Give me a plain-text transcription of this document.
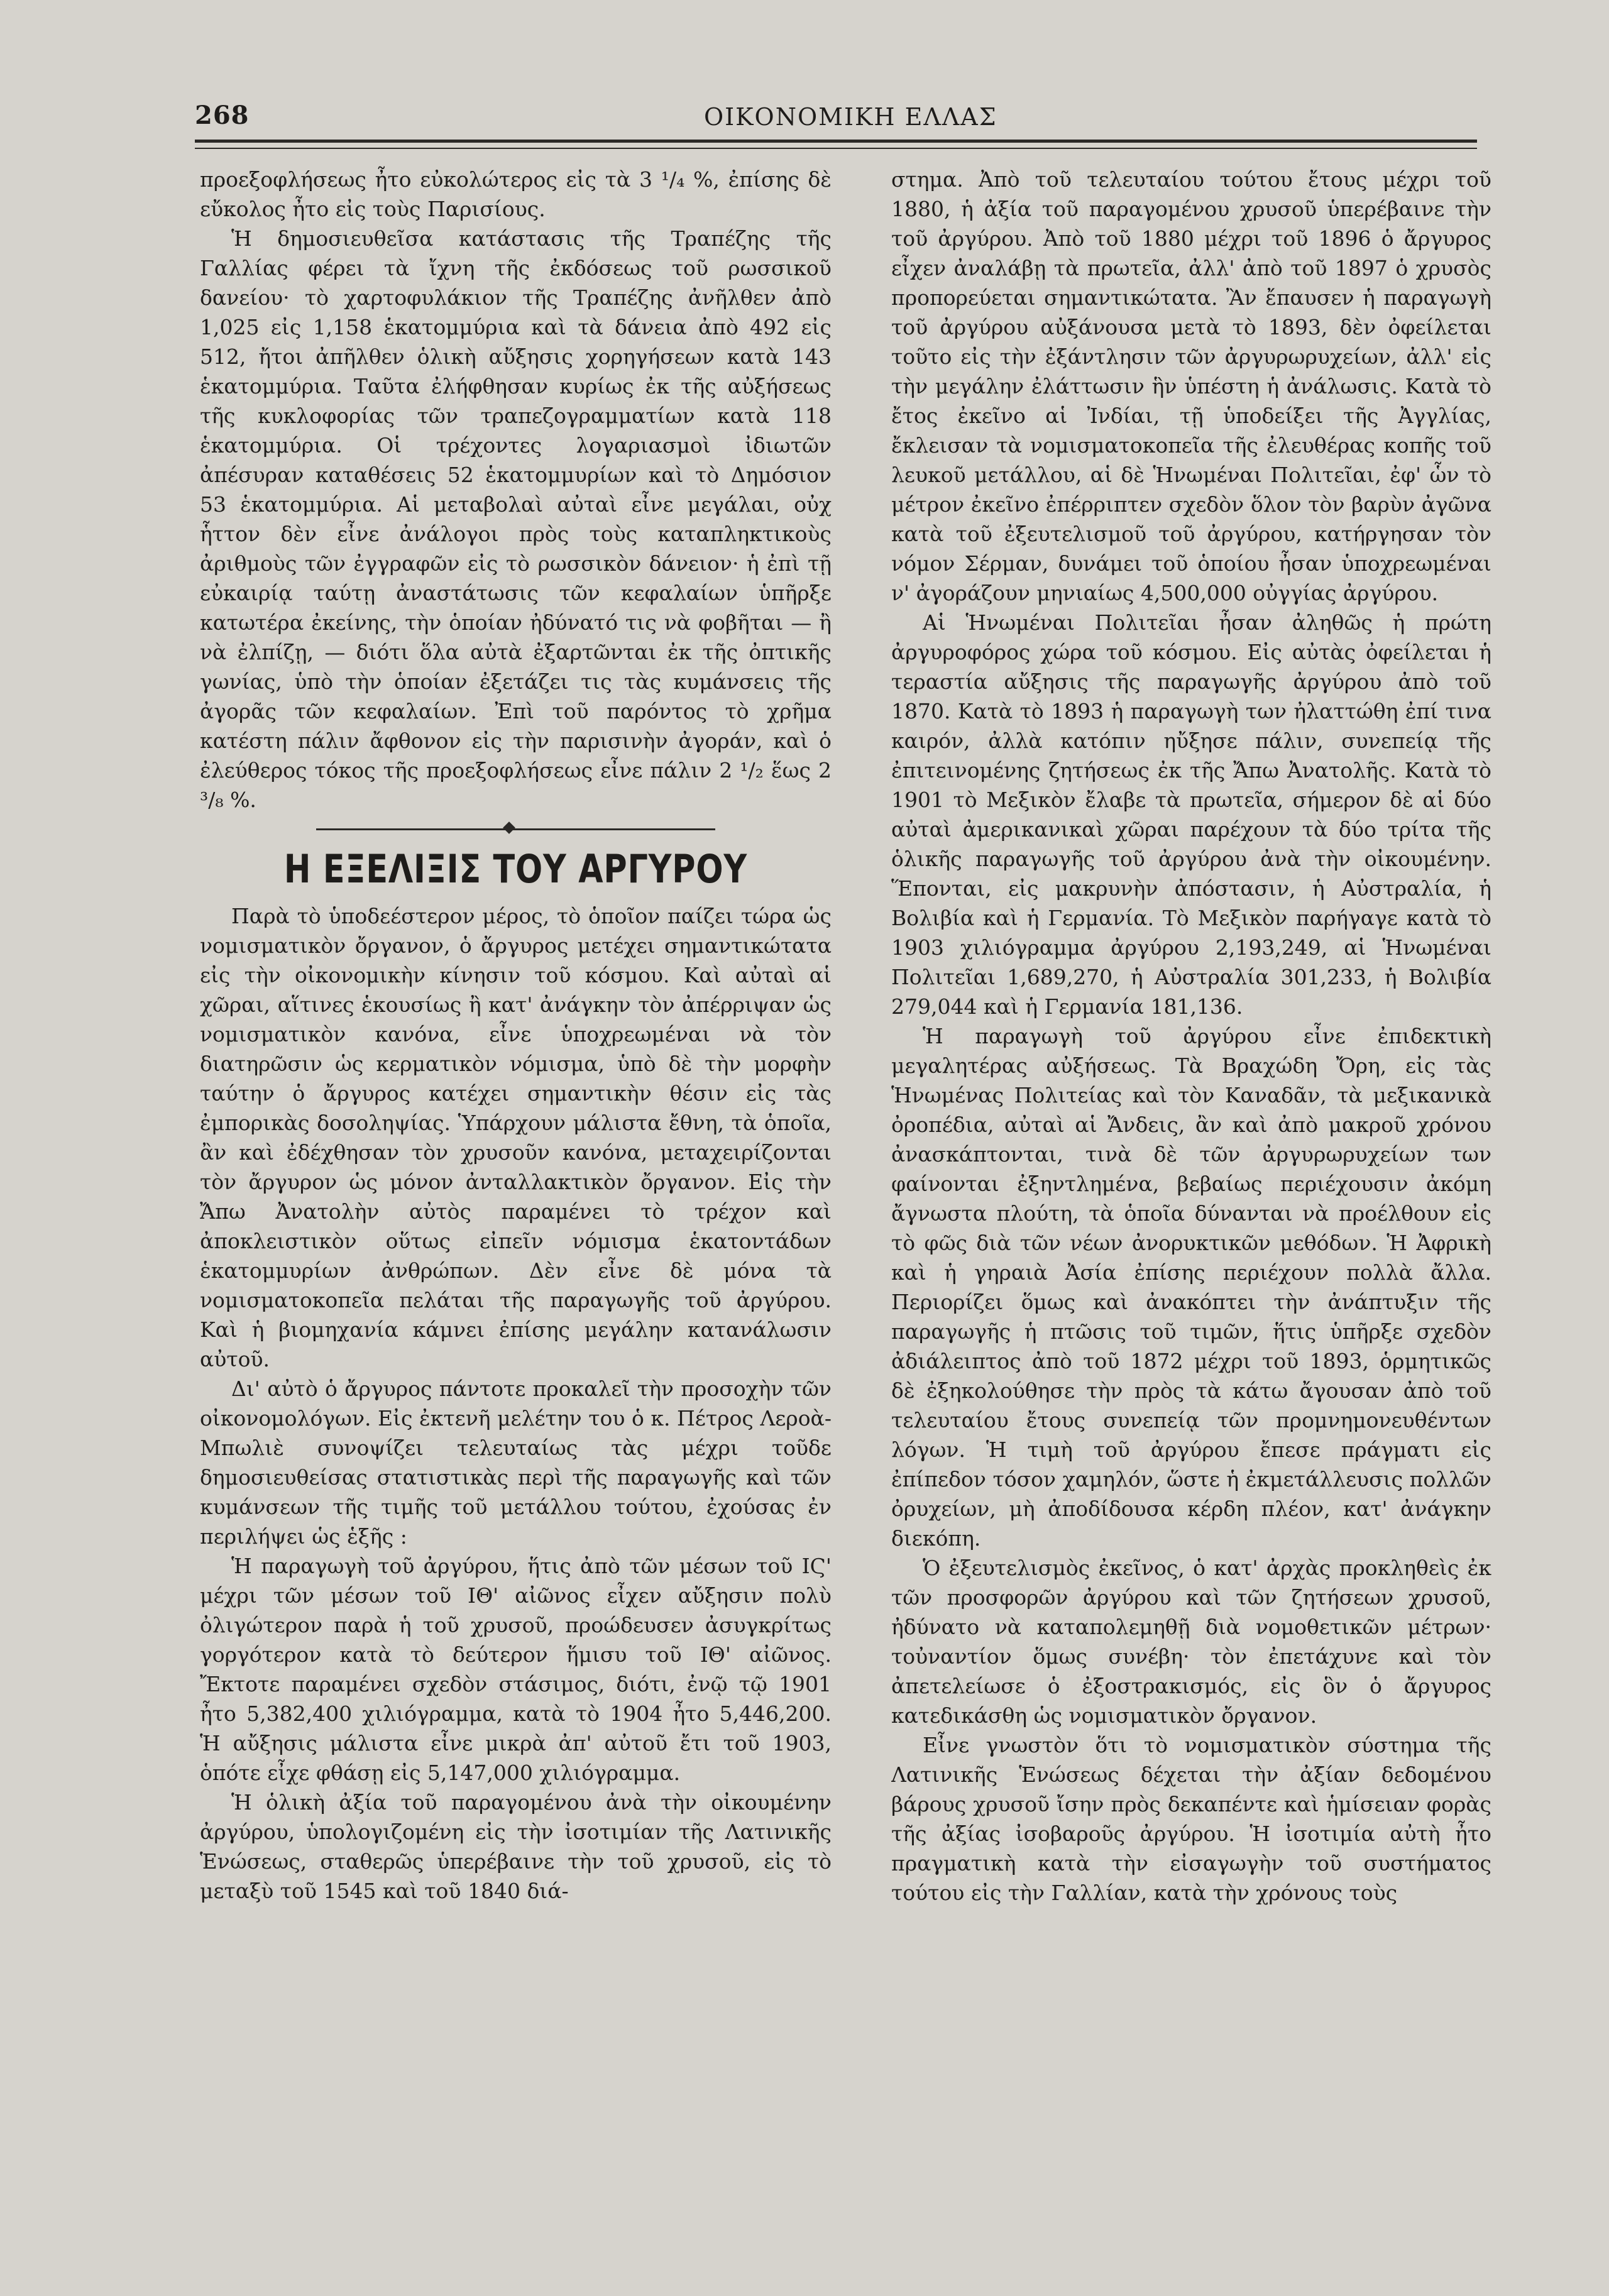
268	ΟΙΚΟΝΟΜΙΚΗ ΕΛΛΑΣ

προεξοφλήσεως ἦτο εὐκολώτερος εἰς τὰ 3 ¹/₄ %, ἐπίσης δὲ εὔκολος ἦτο εἰς τοὺς Παρισίους.

Ἡ δημοσιευθεῖσα κατάστασις τῆς Τραπέζης τῆς Γαλλίας φέρει τὰ ἴχνη τῆς ἐκδόσεως τοῦ ρωσσικοῦ δανείου· τὸ χαρτοφυλάκιον τῆς Τραπέζης ἀνῆλθεν ἀπὸ 1,025 εἰς 1,158 ἑκατομμύρια καὶ τὰ δάνεια ἀπὸ 492 εἰς 512, ἤτοι ἀπῆλθεν ὁλικὴ αὔξησις χορηγήσεων κατὰ 143 ἑκατομμύρια. Ταῦτα ἐλήφθησαν κυρίως ἐκ τῆς αὐξήσεως τῆς κυκλοφορίας τῶν τραπεζογραμματίων κατὰ 118 ἑκατομμύρια. Οἱ τρέχοντες λογαριασμοὶ ἰδιωτῶν ἀπέσυραν καταθέσεις 52 ἑκατομμυρίων καὶ τὸ Δημόσιον 53 ἑκατομμύρια. Αἱ μεταβολαὶ αὐταὶ εἶνε μεγάλαι, οὐχ ἧττον δὲν εἶνε ἀνάλογοι πρὸς τοὺς καταπληκτικοὺς ἀριθμοὺς τῶν ἐγγραφῶν εἰς τὸ ρωσσικὸν δάνειον· ἡ ἐπὶ τῇ εὐκαιρίᾳ ταύτῃ ἀναστάτωσις τῶν κεφαλαίων ὑπῆρξε κατωτέρα ἐκείνης, τὴν ὁποίαν ἠδύνατό τις νὰ φοβῆται — ἢ νὰ ἐλπίζῃ, — διότι ὅλα αὐτὰ ἐξαρτῶνται ἐκ τῆς ὀπτικῆς γωνίας, ὑπὸ τὴν ὁποίαν ἐξετάζει τις τὰς κυμάνσεις τῆς ἀγορᾶς τῶν κεφαλαίων. Ἐπὶ τοῦ παρόντος τὸ χρῆμα κατέστη πάλιν ἄφθονον εἰς τὴν παρισινὴν ἀγοράν, καὶ ὁ ἐλεύθερος τόκος τῆς προεξοφλήσεως εἶνε πάλιν 2 ¹/₂ ἕως 2 ³/₈ %.

Η ΕΞΕΛΙΞΙΣ ΤΟΥ ΑΡΓΥΡΟΥ

Παρὰ τὸ ὑποδεέστερον μέρος, τὸ ὁποῖον παίζει τώρα ὡς νομισματικὸν ὄργανον, ὁ ἄργυρος μετέχει σημαντικώτατα εἰς τὴν οἰκονομικὴν κίνησιν τοῦ κόσμου. Καὶ αὐταὶ αἱ χῶραι, αἵτινες ἑκουσίως ἢ κατ' ἀνάγκην τὸν ἀπέρριψαν ὡς νομισματικὸν κανόνα, εἶνε ὑποχρεωμέναι νὰ τὸν διατηρῶσιν ὡς κερματικὸν νόμισμα, ὑπὸ δὲ τὴν μορφὴν ταύτην ὁ ἄργυρος κατέχει σημαντικὴν θέσιν εἰς τὰς ἐμπορικὰς δοσοληψίας. Ὑπάρχουν μάλιστα ἔθνη, τὰ ὁποῖα, ἂν καὶ ἐδέχθησαν τὸν χρυσοῦν κανόνα, μεταχειρίζονται τὸν ἄργυρον ὡς μόνον ἀνταλλακτικὸν ὄργανον. Εἰς τὴν Ἄπω Ἀνατολὴν αὐτὸς παραμένει τὸ τρέχον καὶ ἀποκλειστικὸν οὕτως εἰπεῖν νόμισμα ἑκατοντάδων ἑκατομμυρίων ἀνθρώπων. Δὲν εἶνε δὲ μόνα τὰ νομισματοκοπεῖα πελάται τῆς παραγωγῆς τοῦ ἀργύρου. Καὶ ἡ βιομηχανία κάμνει ἐπίσης μεγάλην κατανάλωσιν αὐτοῦ.

Δι' αὐτὸ ὁ ἄργυρος πάντοτε προκαλεῖ τὴν προσοχὴν τῶν οἰκονομολόγων. Εἰς ἐκτενῆ μελέτην του ὁ κ. Πέτρος Λεροὰ-Μπωλιὲ συνοψίζει τελευταίως τὰς μέχρι τοῦδε δημοσιευθείσας στατιστικὰς περὶ τῆς παραγωγῆς καὶ τῶν κυμάνσεων τῆς τιμῆς τοῦ μετάλλου τούτου, ἐχούσας ἐν περιλήψει ὡς ἑξῆς :

Ἡ παραγωγὴ τοῦ ἀργύρου, ἥτις ἀπὸ τῶν μέσων τοῦ ΙϚ' μέχρι τῶν μέσων τοῦ ΙΘ' αἰῶνος εἶχεν αὔξησιν πολὺ ὀλιγώτερον παρὰ ἡ τοῦ χρυσοῦ, προώδευσεν ἀσυγκρίτως γοργότερον κατὰ τὸ δεύτερον ἥμισυ τοῦ ΙΘ' αἰῶνος. Ἔκτοτε παραμένει σχεδὸν στάσιμος, διότι, ἐνῷ τῷ 1901 ἦτο 5,382,400 χιλιόγραμμα, κατὰ τὸ 1904 ἦτο 5,446,200. Ἡ αὔξησις μάλιστα εἶνε μικρὰ ἀπ' αὐτοῦ ἔτι τοῦ 1903, ὁπότε εἶχε φθάσῃ εἰς 5,147,000 χιλιόγραμμα.

Ἡ ὁλικὴ ἀξία τοῦ παραγομένου ἀνὰ τὴν οἰκουμένην ἀργύρου, ὑπολογιζομένη εἰς τὴν ἰσοτιμίαν τῆς Λατινικῆς Ἑνώσεως, σταθερῶς ὑπερέβαινε τὴν τοῦ χρυσοῦ, εἰς τὸ μεταξὺ τοῦ 1545 καὶ τοῦ 1840 διά-

στημα. Ἀπὸ τοῦ τελευταίου τούτου ἔτους μέχρι τοῦ 1880, ἡ ἀξία τοῦ παραγομένου χρυσοῦ ὑπερέβαινε τὴν τοῦ ἀργύρου. Ἀπὸ τοῦ 1880 μέχρι τοῦ 1896 ὁ ἄργυρος εἶχεν ἀναλάβῃ τὰ πρωτεῖα, ἀλλ' ἀπὸ τοῦ 1897 ὁ χρυσὸς προπορεύεται σημαντικώτατα. Ἂν ἔπαυσεν ἡ παραγωγὴ τοῦ ἀργύρου αὐξάνουσα μετὰ τὸ 1893, δὲν ὀφείλεται τοῦτο εἰς τὴν ἐξάντλησιν τῶν ἀργυρωρυχείων, ἀλλ' εἰς τὴν μεγάλην ἐλάττωσιν ἣν ὑπέστη ἡ ἀνάλωσις. Κατὰ τὸ ἔτος ἐκεῖνο αἱ Ἰνδίαι, τῇ ὑποδείξει τῆς Ἀγγλίας, ἔκλεισαν τὰ νομισματοκοπεῖα τῆς ἐλευθέρας κοπῆς τοῦ λευκοῦ μετάλλου, αἱ δὲ Ἡνωμέναι Πολιτεῖαι, ἐφ' ὧν τὸ μέτρον ἐκεῖνο ἐπέρριπτεν σχεδὸν ὅλον τὸν βαρὺν ἀγῶνα κατὰ τοῦ ἐξευτελισμοῦ τοῦ ἀργύρου, κατήργησαν τὸν νόμον Σέρμαν, δυνάμει τοῦ ὁποίου ἦσαν ὑποχρεωμέναι ν' ἀγοράζουν μηνιαίως 4,500,000 οὐγγίας ἀργύρου.

Αἱ Ἡνωμέναι Πολιτεῖαι ἦσαν ἀληθῶς ἡ πρώτη ἀργυροφόρος χώρα τοῦ κόσμου. Εἰς αὐτὰς ὀφείλεται ἡ τεραστία αὔξησις τῆς παραγωγῆς ἀργύρου ἀπὸ τοῦ 1870. Κατὰ τὸ 1893 ἡ παραγωγὴ των ἠλαττώθη ἐπί τινα καιρόν, ἀλλὰ κατόπιν ηὔξησε πάλιν, συνεπείᾳ τῆς ἐπιτεινομένης ζητήσεως ἐκ τῆς Ἄπω Ἀνατολῆς. Κατὰ τὸ 1901 τὸ Μεξικὸν ἔλαβε τὰ πρωτεῖα, σήμερον δὲ αἱ δύο αὐταὶ ἀμερικανικαὶ χῶραι παρέχουν τὰ δύο τρίτα τῆς ὁλικῆς παραγωγῆς τοῦ ἀργύρου ἀνὰ τὴν οἰκουμένην. Ἕπονται, εἰς μακρυνὴν ἀπόστασιν, ἡ Αὐστραλία, ἡ Βολιβία καὶ ἡ Γερμανία. Τὸ Μεξικὸν παρήγαγε κατὰ τὸ 1903 χιλιόγραμμα ἀργύρου 2,193,249, αἱ Ἡνωμέναι Πολιτεῖαι 1,689,270, ἡ Αὐστραλία 301,233, ἡ Βολιβία 279,044 καὶ ἡ Γερμανία 181,136.

Ἡ παραγωγὴ τοῦ ἀργύρου εἶνε ἐπιδεκτικὴ μεγαλητέρας αὐξήσεως. Τὰ Βραχώδη Ὄρη, εἰς τὰς Ἡνωμένας Πολιτείας καὶ τὸν Καναδᾶν, τὰ μεξικανικὰ ὀροπέδια, αὐταὶ αἱ Ἄνδεις, ἂν καὶ ἀπὸ μακροῦ χρόνου ἀνασκάπτονται, τινὰ δὲ τῶν ἀργυρωρυχείων των φαίνονται ἐξηντλημένα, βεβαίως περιέχουσιν ἀκόμη ἄγνωστα πλούτη, τὰ ὁποῖα δύνανται νὰ προέλθουν εἰς τὸ φῶς διὰ τῶν νέων ἀνορυκτικῶν μεθόδων. Ἡ Ἀφρικὴ καὶ ἡ γηραιὰ Ἀσία ἐπίσης περιέχουν πολλὰ ἄλλα. Περιορίζει ὅμως καὶ ἀνακόπτει τὴν ἀνάπτυξιν τῆς παραγωγῆς ἡ πτῶσις τοῦ τιμῶν, ἥτις ὑπῆρξε σχεδὸν ἀδιάλειπτος ἀπὸ τοῦ 1872 μέχρι τοῦ 1893, ὁρμητικῶς δὲ ἐξηκολούθησε τὴν πρὸς τὰ κάτω ἄγουσαν ἀπὸ τοῦ τελευταίου ἔτους συνεπείᾳ τῶν προμνημονευθέντων λόγων. Ἡ τιμὴ τοῦ ἀργύρου ἔπεσε πράγματι εἰς ἐπίπεδον τόσον χαμηλόν, ὥστε ἡ ἐκμετάλλευσις πολλῶν ὀρυχείων, μὴ ἀποδίδουσα κέρδη πλέον, κατ' ἀνάγκην διεκόπη.

Ὁ ἐξευτελισμὸς ἐκεῖνος, ὁ κατ' ἀρχὰς προκληθεὶς ἐκ τῶν προσφορῶν ἀργύρου καὶ τῶν ζητήσεων χρυσοῦ, ἠδύνατο νὰ καταπολεμηθῇ διὰ νομοθετικῶν μέτρων· τοὐναντίον ὅμως συνέβη· τὸν ἐπετάχυνε καὶ τὸν ἀπετελείωσε ὁ ἐξοστρακισμός, εἰς ὃν ὁ ἄργυρος κατεδικάσθη ὡς νομισματικὸν ὄργανον.

Εἶνε γνωστὸν ὅτι τὸ νομισματικὸν σύστημα τῆς Λατινικῆς Ἑνώσεως δέχεται τὴν ἀξίαν δεδομένου βάρους χρυσοῦ ἴσην πρὸς δεκαπέντε καὶ ἡμίσειαν φορὰς τῆς ἀξίας ἰσοβαροῦς ἀργύρου. Ἡ ἰσοτιμία αὐτὴ ἦτο πραγματικὴ κατὰ τὴν εἰσαγωγὴν τοῦ συστήματος τούτου εἰς τὴν Γαλλίαν, κατὰ τὴν χρόνους τοὺς
